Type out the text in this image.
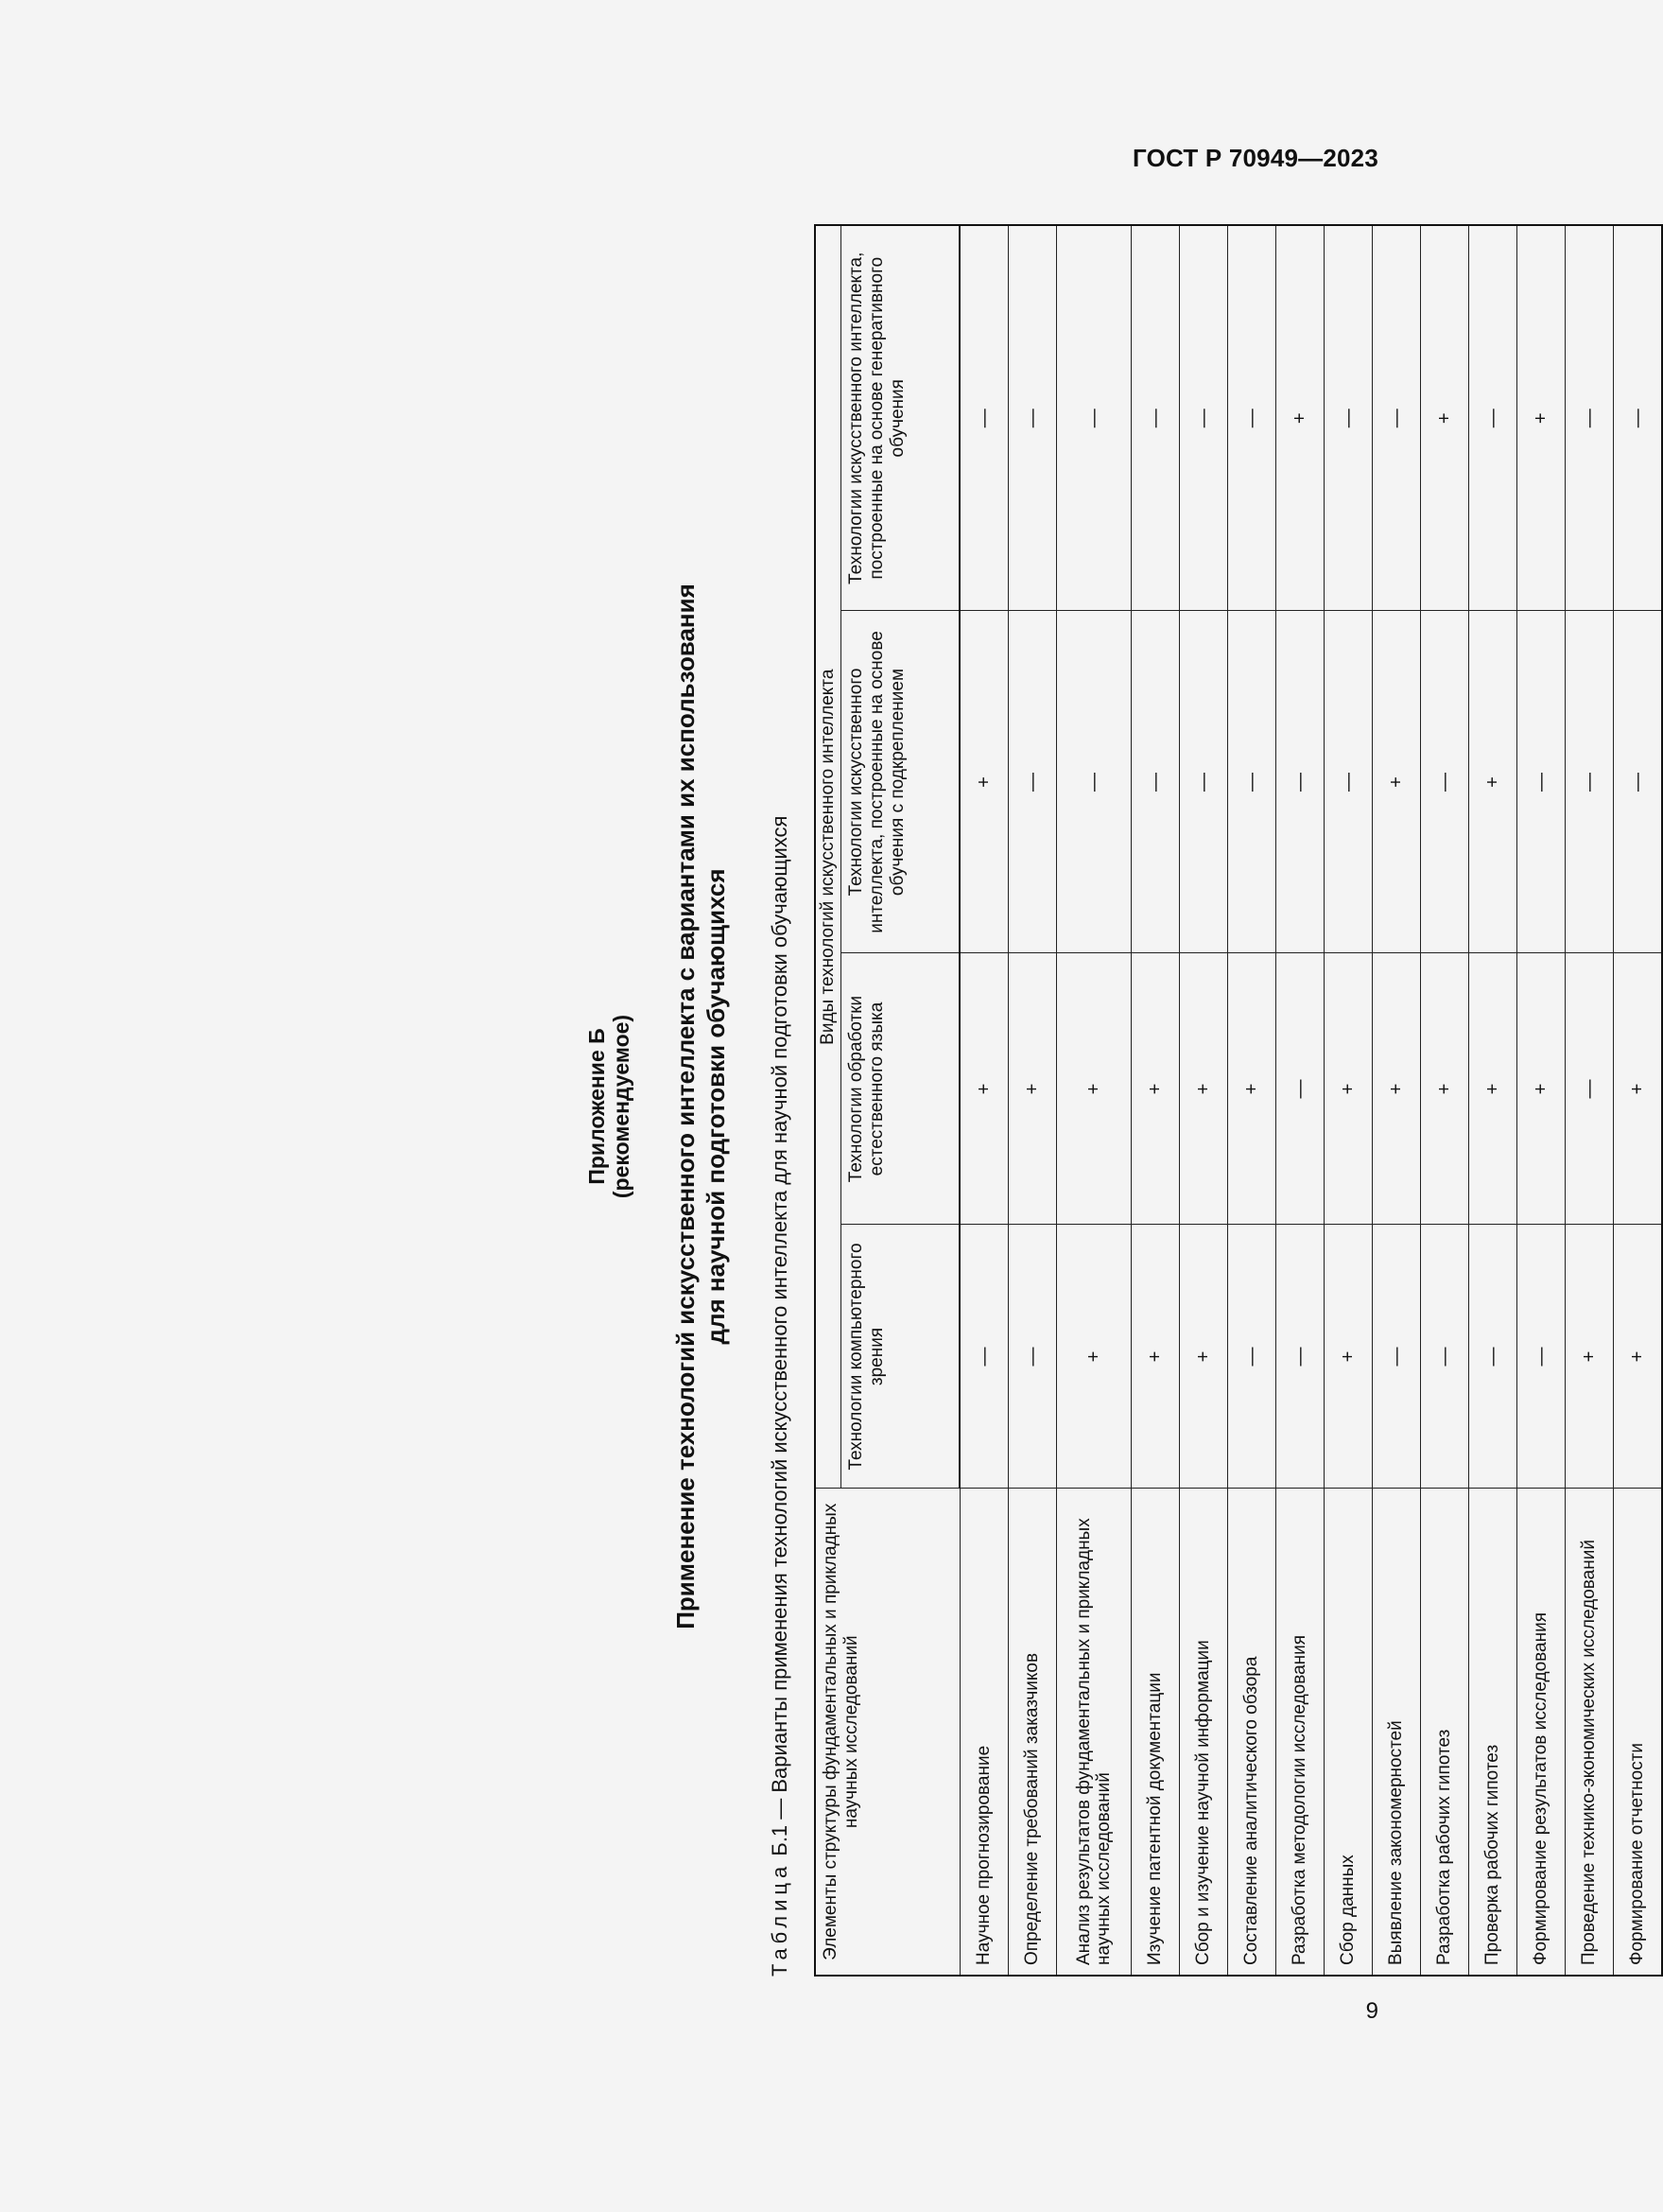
ГОСТ Р 70949—2023
Приложение Б (рекомендуемое) Применение технологий искусственного интеллекта с вариантами их использования для научной подготовки обучающихся
Таблица Б.1 — Варианты применения технологий искусственного интеллекта для научной подготовки обучающихся Элементы структуры фундаментальных и прикладных научных исследований	Виды технологий искусственного интеллекта			
	Технологии компьютерного зрения	Технологии обработки естественного языка	Технологии искусственного интеллекта, построенные на основе обучения с подкреплением	Технологии искусственного интеллекта, построенные на основе генеративного обучения
Научное прогнозирование	—	+	+	—
Определение требований заказчиков	—	+	—	—
Анализ результатов фундаментальных и прикладных научных исследований	+	+	—	—
Изучение патентной документации	+	+	—	—
Сбор и изучение научной информации	+	+	—	—
Составление аналитического обзора	—	+	—	—
Разработка методологии исследования	—	—	—	+
Сбор данных	+	+	—	—
Выявление закономерностей	—	+	+	—
Разработка рабочих гипотез	—	+	—	+
Проверка рабочих гипотез	—	+	+	—
Формирование результатов исследования	—	+	—	+
Проведение технико-экономических исследований	+	—	—	—
Формирование отчетности	+	+	—	—
9
